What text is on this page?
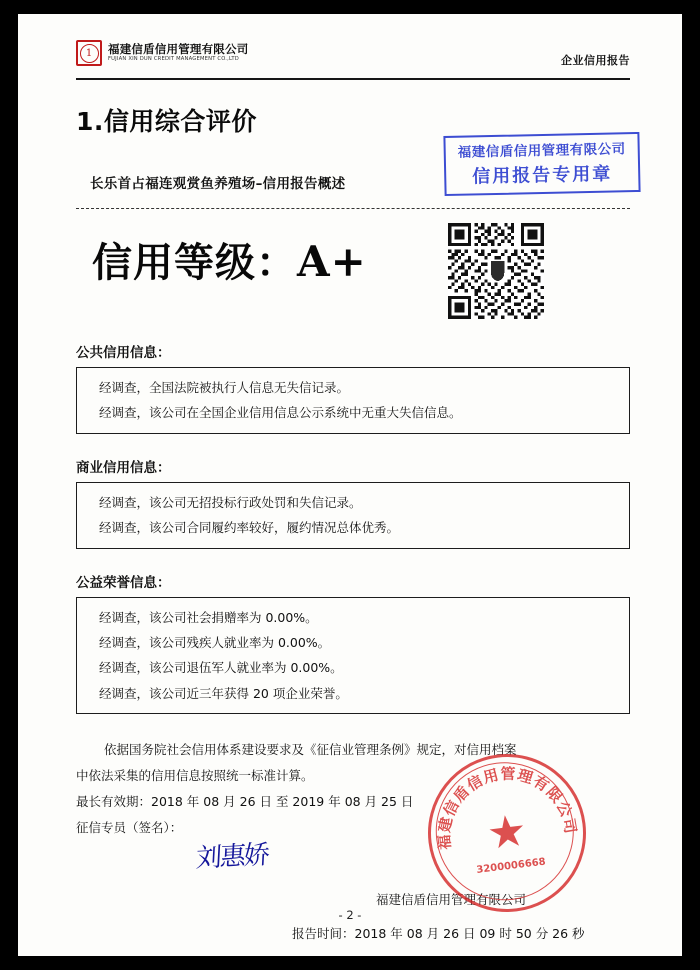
1	福建信盾信用管理有限公司
FUJIAN XIN DUN CREDIT MANAGEMENT CO.,LTD	企业信用报告
1.信用综合评价
长乐首占福连观赏鱼养殖场–信用报告概述
信用等级：A+
福建信盾信用管理有限公司
信用报告专用章
公共信用信息：

经调查，全国法院被执行人信息无失信记录。

经调查，该公司在全国企业信用信息公示系统中无重大失信信息。

商业信用信息：

经调查，该公司无招投标行政处罚和失信记录。

经调查，该公司合同履约率较好，履约情况总体优秀。

公益荣誉信息：

经调查，该公司社会捐赠率为 0.00%。

经调查，该公司残疾人就业率为 0.00%。

经调查，该公司退伍军人就业率为 0.00%。

经调查，该公司近三年获得 20 项企业荣誉。

依据国务院社会信用体系建设要求及《征信业管理条例》规定，对信用档案

中依法采集的信用信息按照统一标准计算。

最长有效期：2018 年 08 月 26 日 至 2019 年 08 月 25 日

征信专员（签名）：

刘惠娇
福建信盾信用管理有限公司
报告时间：2018 年 08 月 26 日 09 时 50 分 26 秒
福建信盾信用管理有限公司
★
3200006668
- 2 -
